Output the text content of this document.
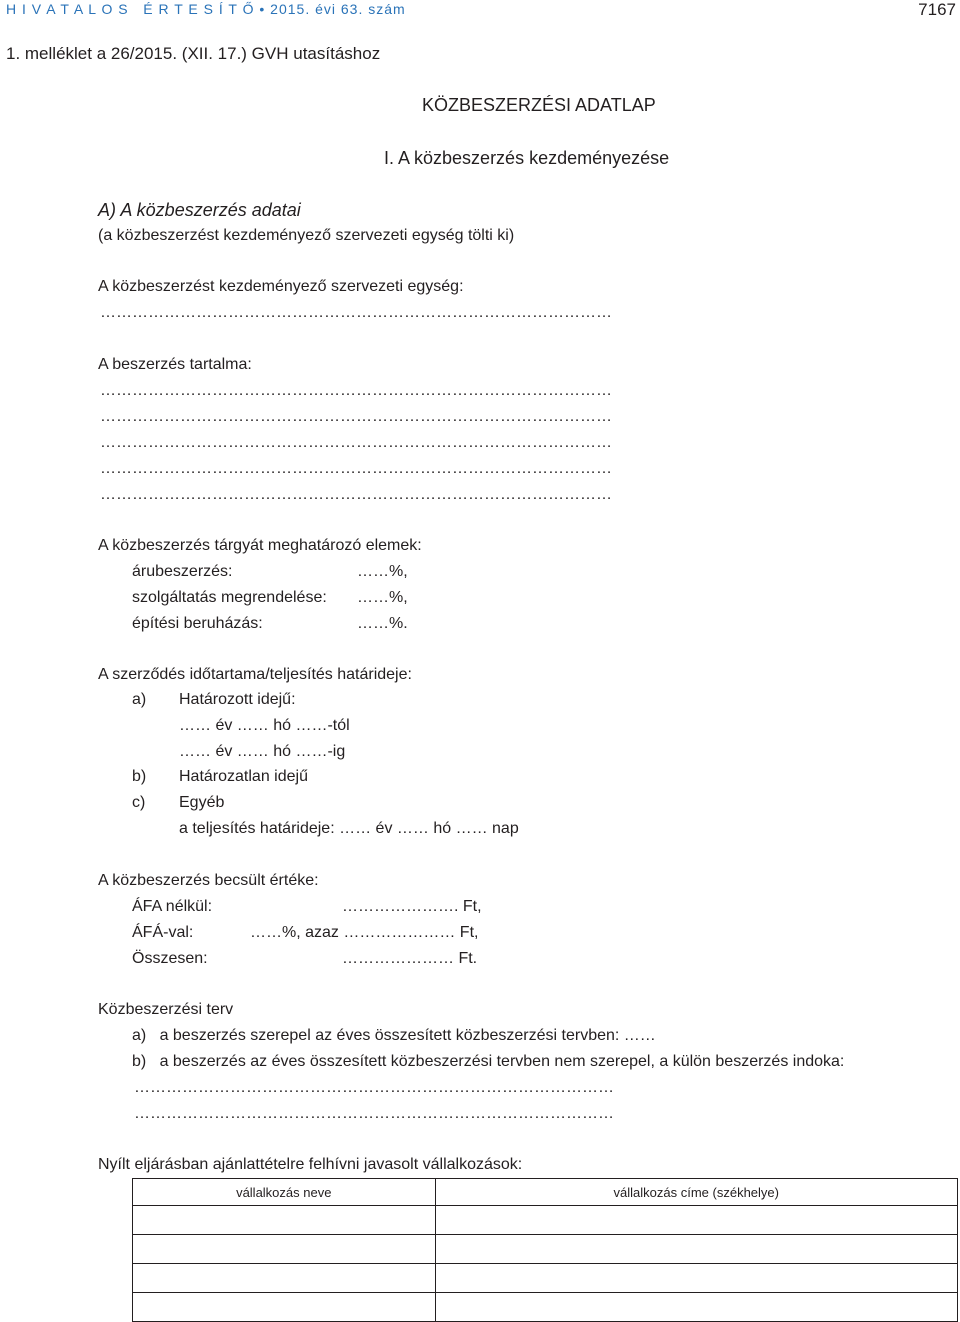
H I V A T A L O S   É R T E S Í T Ő • 2015. évi 63. szám	7167
1. melléklet a 26/2015. (XII. 17.) GVH utasításhoz
KÖZBESZERZÉSI ADATLAP
I. A közbeszerzés kezdeményezése
A) A közbeszerzés adatai
(a közbeszerzést kezdeményező szervezeti egység tölti ki)
A közbeszerzést kezdeményező szervezeti egység:
……………………………………………………………………………………
A beszerzés tartalma:
……………………………………………………………………………………
……………………………………………………………………………………
……………………………………………………………………………………
……………………………………………………………………………………
……………………………………………………………………………………
A közbeszerzés tárgyát meghatározó elemek:
árubeszerzés:	……%,
szolgáltatás megrendelése: ……%,
építési beruházás:	……%.
A szerződés időtartama/teljesítés határideje:
a) Határozott idejű:
…… év …… hó ……-tól
…… év …… hó ……-ig
b) Határozatlan idejű
c) Egyéb
a teljesítés határideje: …… év …… hó …… nap
A közbeszerzés becsült értéke:
ÁFA nélkül:	…………………. Ft,
ÁFÁ-val:	……%, azaz ………………… Ft,
Összesen:	………………… Ft.
Közbeszerzési terv
a)   a beszerzés szerepel az éves összesített közbeszerzési tervben: ……
b)   a beszerzés az éves összesített közbeszerzési tervben nem szerepel, a külön beszerzés indoka:
………………………………………………………………………………
………………………………………………………………………………
Nyílt eljárásban ajánlattételre felhívni javasolt vállalkozások:
vállalkozás neve	vállalkozás címe (székhelye)
